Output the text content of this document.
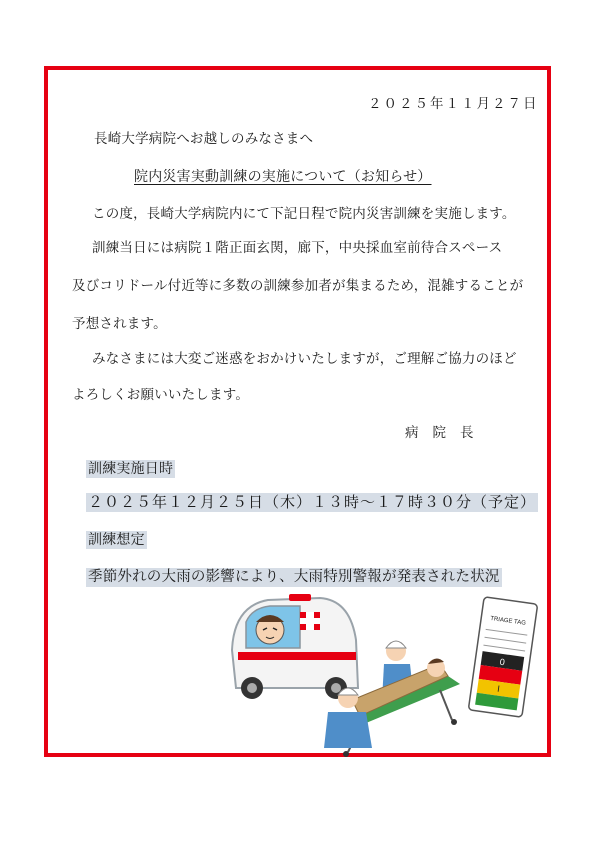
２０２５年１１月２７日
長崎大学病院へお越しのみなさまへ
院内災害実動訓練の実施について（お知らせ）
この度，長崎大学病院内にて下記日程で院内災害訓練を実施します。
訓練当日には病院１階正面玄関，廊下，中央採血室前待合スペース
及びコリドール付近等に多数の訓練参加者が集まるため，混雑することが
予想されます。
みなさまには大変ご迷惑をおかけいたしますが，ご理解ご協力のほど
よろしくお願いいたします。
病院長
訓練実施日時
２０２５年１２月２５日（木）１３時～１７時３０分（予定）
訓練想定
季節外れの大雨の影響により、大雨特別警報が発表された状況
TRIAGE TAG
0
I
